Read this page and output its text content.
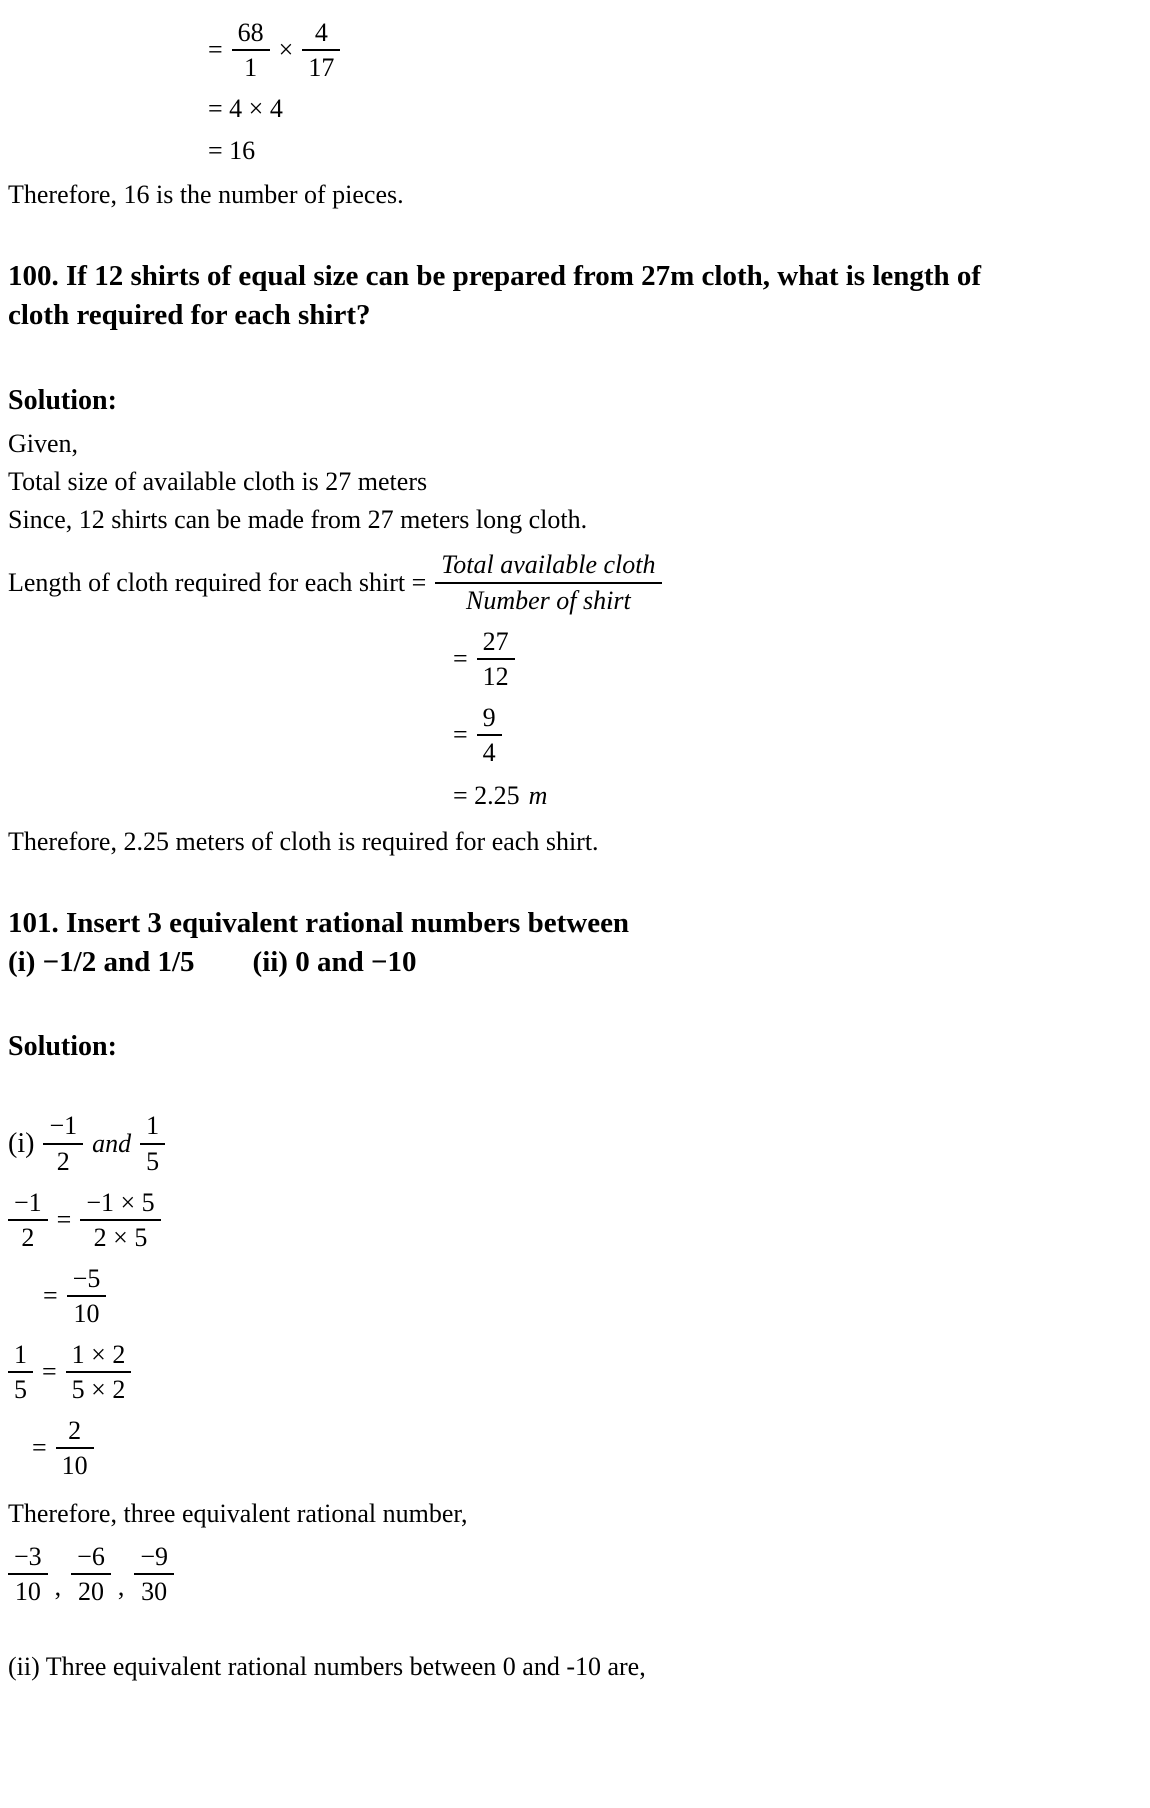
= $\frac{68}{1} \times \frac{4}{17}$
= 4 × 4
= 16
Therefore, 16 is the number of pieces.
100. If 12 shirts of equal size can be prepared from 27m cloth, what is length of cloth required for each shirt?
Solution:
Given,
Total size of available cloth is 27 meters
Since, 12 shirts can be made from 27 meters long cloth.
Length of cloth required for each shirt = $\frac{\text{Total available cloth}}{\text{Number of shirt}}$
= $\frac{27}{12}$
= $\frac{9}{4}$
= 2.25 m
Therefore, 2.25 meters of cloth is required for each shirt.
101. Insert 3 equivalent rational numbers between
(i) −1/2 and 1/5 (ii) 0 and −10
Solution:
$(i) \frac{-1}{2}$ and $\frac{1}{5}$
$\frac{-1}{2} = \frac{-1 \times 5}{2 \times 5}$
= $\frac{-5}{10}$
$\frac{1}{5} = \frac{1 \times 2}{5 \times 2}$
= $\frac{2}{10}$
Therefore, three equivalent rational number,
$\frac{-3}{10}$ , $\frac{-6}{20}$ , $\frac{-9}{30}$
(ii) Three equivalent rational numbers between 0 and -10 are,
